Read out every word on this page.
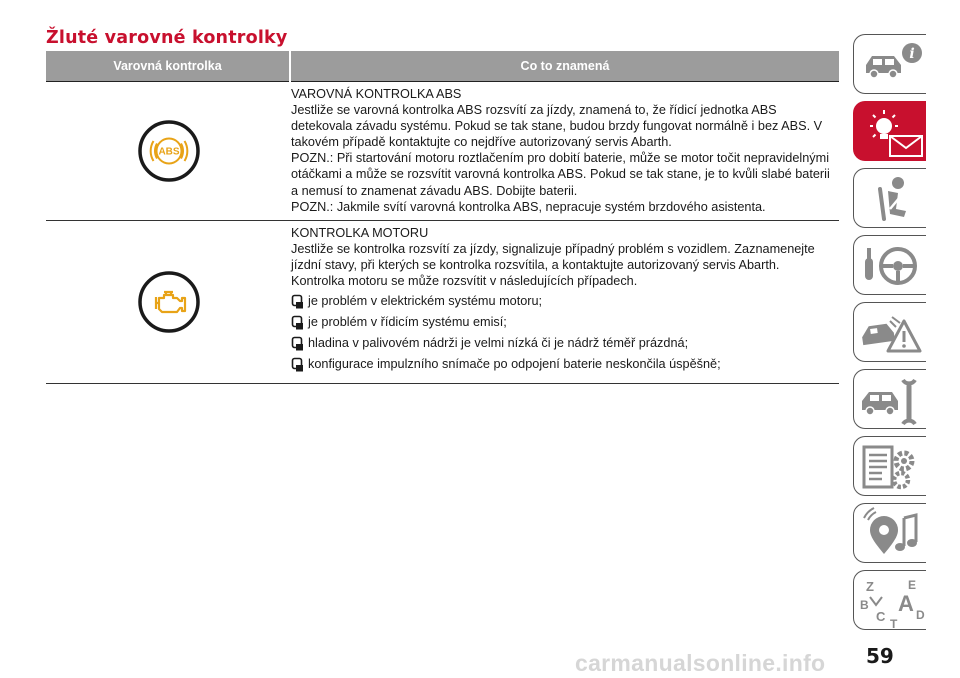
Žluté varovné kontrolky
Varovná kontrolka	Co to znamená
ABS

VAROVNÁ KONTROLKA ABS

Jestliže se varovná kontrolka ABS rozsvítí za jízdy, znamená to, že řídicí jednotka ABS detekovala závadu systému. Pokud se tak stane, budou brzdy fungovat normálně i bez ABS. V takovém případě kontaktujte co nejdříve autorizovaný servis Abarth.

POZN.: Při startování motoru roztlačením pro dobití baterie, může se motor točit nepravidelnými otáčkami a může se rozsvítit varovná kontrolka ABS. Pokud se tak stane, je to kvůli slabé baterii a nemusí to znamenat závadu ABS. Dobijte baterii.

POZN.: Jakmile svítí varovná kontrolka ABS, nepracuje systém brzdového asistenta.

KONTROLKA MOTORU

Jestliže se kontrolka rozsvítí za jízdy, signalizuje případný problém s vozidlem. Zaznamenejte jízdní stavy, při kterých se kontrolka rozsvítila, a kontaktujte autorizovaný servis Abarth.

Kontrolka motoru se může rozsvítit v následujících případech.

je problém v elektrickém systému motoru;
je problém v řídicím systému emisí;
hladina v palivovém nádrži je velmi nízká či je nádrž téměř prázdná;
konfigurace impulzního snímače po odpojení baterie neskončila úspěšně;
i
Z	E
B A
C T
D
59
carmanualsonline.info
